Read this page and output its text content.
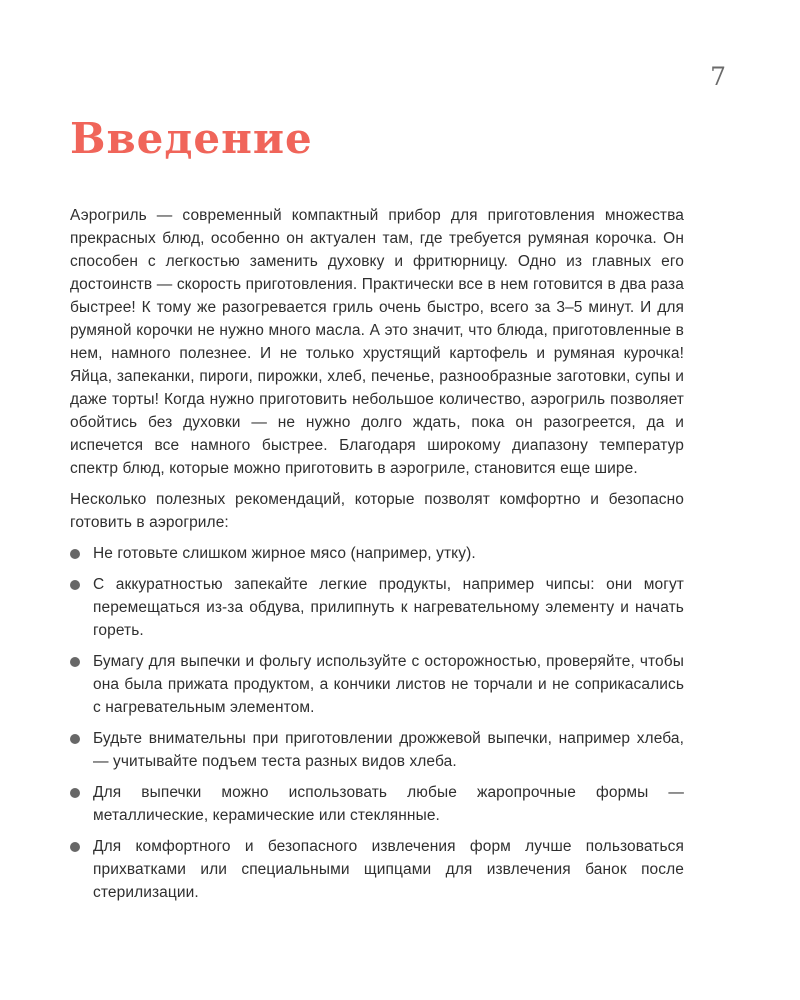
7
Введение

Аэрогриль — современный компактный прибор для приготовления множества прекрасных блюд, особенно он актуален там, где требуется румяная корочка. Он способен с легкостью заменить духовку и фритюрницу. Одно из главных его достоинств — скорость приготовления. Практически все в нем готовится в два раза быстрее! К тому же разогревается гриль очень быстро, всего за 3–5 минут. И для румяной корочки не нужно много масла. А это значит, что блюда, приготовленные в нем, намного полезнее. И не только хрустящий картофель и румяная курочка! Яйца, запеканки, пироги, пирожки, хлеб, печенье, разнообразные заготовки, супы и даже торты! Когда нужно приготовить небольшое количество, аэрогриль позволяет обойтись без духовки — не нужно долго ждать, пока он разогреется, да и испечется все намного быстрее. Благодаря широкому диапазону температур спектр блюд, которые можно приготовить в аэрогриле, становится еще шире.

Несколько полезных рекомендаций, которые позволят комфортно и безопасно готовить в аэрогриле:

Не готовьте слишком жирное мясо (например, утку).
С аккуратностью запекайте легкие продукты, например чипсы: они могут перемещаться из-за обдува, прилипнуть к нагревательному элементу и начать гореть.
Бумагу для выпечки и фольгу используйте с осторожностью, проверяйте, чтобы она была прижата продуктом, а кончики листов не торчали и не соприкасались с нагревательным элементом.
Будьте внимательны при приготовлении дрожжевой выпечки, например хлеба, — учитывайте подъем теста разных видов хлеба.
Для выпечки можно использовать любые жаропрочные формы — металлические, керамические или стеклянные.
Для комфортного и безопасного извлечения форм лучше пользоваться прихватками или специальными щипцами для извлечения банок после стерилизации.
